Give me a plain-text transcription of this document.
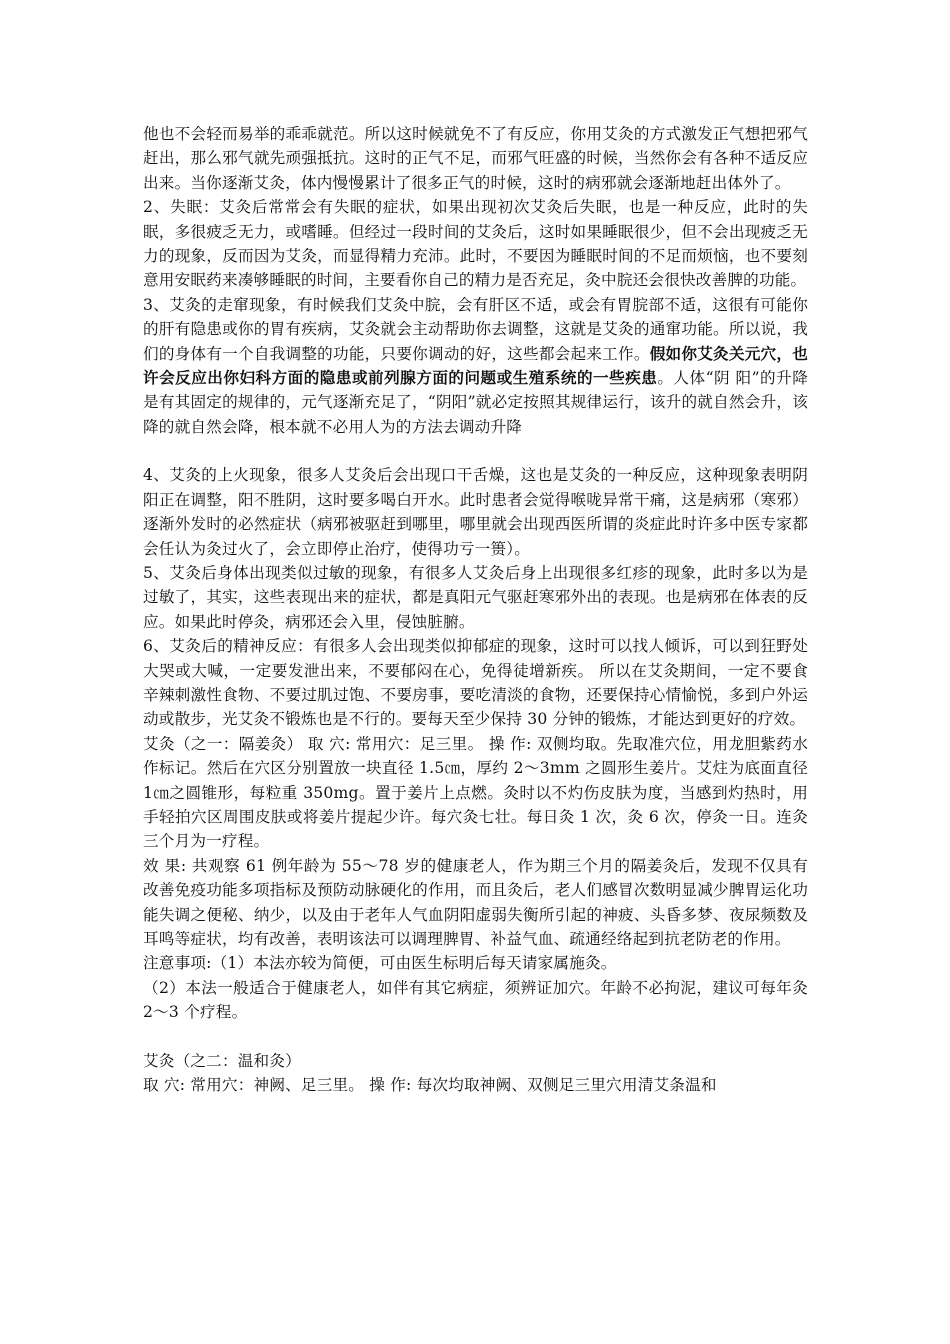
他也不会轻而易举的乖乖就范。所以这时候就免不了有反应，你用艾灸的方式激发正气想把邪气赶出，那么邪气就先顽强抵抗。这时的正气不足，而邪气旺盛的时候，当然你会有各种不适反应出来。当你逐渐艾灸，体内慢慢累计了很多正气的时候，这时的病邪就会逐渐地赶出体外了。

2、失眠：艾灸后常常会有失眠的症状，如果出现初次艾灸后失眠，也是一种反应，此时的失眠，多很疲乏无力，或嗜睡。但经过一段时间的艾灸后，这时如果睡眠很少，但不会出现疲乏无力的现象，反而因为艾灸，而显得精力充沛。此时，不要因为睡眠时间的不足而烦恼，也不要刻意用安眠药来凑够睡眠的时间，主要看你自己的精力是否充足，灸中脘还会很快改善脾的功能。

3、艾灸的走窜现象，有时候我们艾灸中脘，会有肝区不适，或会有胃脘部不适，这很有可能你的肝有隐患或你的胃有疾病，艾灸就会主动帮助你去调整，这就是艾灸的通窜功能。所以说，我们的身体有一个自我调整的功能，只要你调动的好，这些都会起来工作。假如你艾灸关元穴，也许会反应出你妇科方面的隐患或前列腺方面的问题或生殖系统的一些疾患。人体“阴 阳”的升降是有其固定的规律的，元气逐渐充足了，“阴阳”就必定按照其规律运行，该升的就自然会升，该降的就自然会降，根本就不必用人为的方法去调动升降

4、艾灸的上火现象，很多人艾灸后会出现口干舌燥，这也是艾灸的一种反应，这种现象表明阴阳正在调整，阳不胜阴，这时要多喝白开水。此时患者会觉得喉咙异常干痛，这是病邪（寒邪）逐渐外发时的必然症状（病邪被驱赶到哪里，哪里就会出现西医所谓的炎症此时许多中医专家都会任认为灸过火了，会立即停止治疗，使得功亏一篑）。

5、艾灸后身体出现类似过敏的现象，有很多人艾灸后身上出现很多红疹的现象，此时多以为是过敏了，其实，这些表现出来的症状，都是真阳元气驱赶寒邪外出的表现。也是病邪在体表的反应。如果此时停灸，病邪还会入里，侵蚀脏腑。

6、艾灸后的精神反应：有很多人会出现类似抑郁症的现象，这时可以找人倾诉，可以到狂野处大哭或大喊，一定要发泄出来，不要郁闷在心，免得徒增新疾。 所以在艾灸期间，一定不要食辛辣刺激性食物、不要过肌过饱、不要房事，要吃清淡的食物，还要保持心情愉悦，多到户外运动或散步，光艾灸不锻炼也是不行的。要每天至少保持 30 分钟的锻炼，才能达到更好的疗效。

艾灸（之一：隔姜灸） 取 穴: 常用穴：足三里。 操 作: 双侧均取。先取准穴位，用龙胆紫药水作标记。然后在穴区分别置放一块直径 1.5㎝，厚约 2～3mm 之圆形生姜片。艾炷为底面直径 1㎝之圆锥形，每粒重 350mg。置于姜片上点燃。灸时以不灼伤皮肤为度，当感到灼热时，用手轻拍穴区周围皮肤或将姜片提起少许。每穴灸七壮。每日灸 1 次，灸 6 次，停灸一日。连灸三个月为一疗程。

效 果: 共观察 61 例年龄为 55～78 岁的健康老人，作为期三个月的隔姜灸后，发现不仅具有改善免疫功能多项指标及预防动脉硬化的作用，而且灸后，老人们感冒次数明显减少脾胃运化功能失调之便秘、纳少，以及由于老年人气血阴阳虚弱失衡所引起的神疲、头昏多梦、夜尿频数及耳鸣等症状，均有改善，表明该法可以调理脾胃、补益气血、疏通经络起到抗老防老的作用。

注意事项:（1）本法亦较为简便，可由医生标明后每天请家属施灸。

（2）本法一般适合于健康老人，如伴有其它病症，须辨证加穴。年龄不必拘泥，建议可每年灸 2～3 个疗程。

艾灸（之二：温和灸）

取 穴: 常用穴：神阙、足三里。 操 作: 每次均取神阙、双侧足三里穴用清艾条温和
